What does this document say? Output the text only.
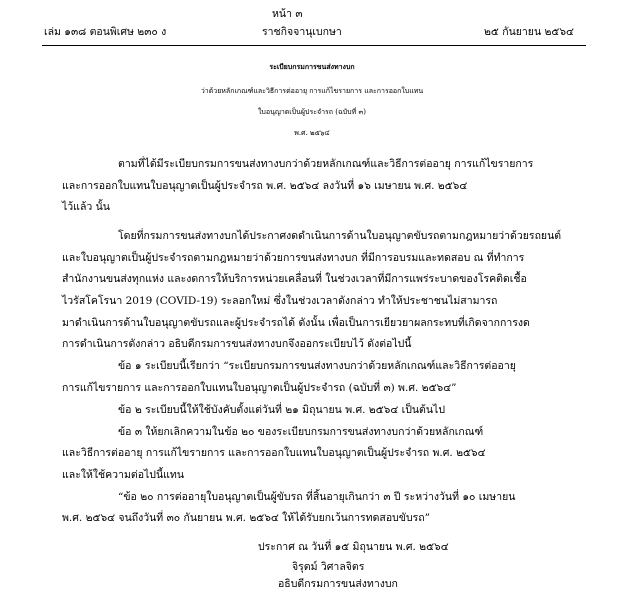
หน้า ๓
เล่ม ๑๓๘ ตอนพิเศษ ๒๓๐ ง	ราชกิจจานุเบกษา	๒๕ กันยายน ๒๕๖๔
ระเบียบกรมการขนส่งทางบก
ว่าด้วยหลักเกณฑ์และวิธีการต่ออายุ การแก้ไขรายการ และการออกใบแทน
ใบอนุญาตเป็นผู้ประจำรถ (ฉบับที่ ๓)
พ.ศ. ๒๕๖๔
ตามที่ได้มีระเบียบกรมการขนส่งทางบกว่าด้วยหลักเกณฑ์และวิธีการต่ออายุ การแก้ไขรายการ
และการออกใบแทนใบอนุญาตเป็นผู้ประจำรถ พ.ศ. ๒๕๖๔ ลงวันที่ ๑๖ เมษายน พ.ศ. ๒๕๖๔
ไว้แล้ว นั้น
โดยที่กรมการขนส่งทางบกได้ประกาศงดดำเนินการด้านใบอนุญาตขับรถตามกฎหมายว่าด้วยรถยนต์
และใบอนุญาตเป็นผู้ประจำรถตามกฎหมายว่าด้วยการขนส่งทางบก ที่มีการอบรมและทดสอบ ณ ที่ทำการ
สำนักงานขนส่งทุกแห่ง และงดการให้บริการหน่วยเคลื่อนที่ ในช่วงเวลาที่มีการแพร่ระบาดของโรคติดเชื้อ
ไวรัสโคโรนา 2019 (COVID-19) ระลอกใหม่ ซึ่งในช่วงเวลาดังกล่าว ทำให้ประชาชนไม่สามารถ
มาดำเนินการด้านใบอนุญาตขับรถและผู้ประจำรถได้ ดังนั้น เพื่อเป็นการเยียวยาผลกระทบที่เกิดจากการงด
การดำเนินการดังกล่าว อธิบดีกรมการขนส่งทางบกจึงออกระเบียบไว้ ดังต่อไปนี้
ข้อ ๑ ระเบียบนี้เรียกว่า “ระเบียบกรมการขนส่งทางบกว่าด้วยหลักเกณฑ์และวิธีการต่ออายุ
การแก้ไขรายการ และการออกใบแทนใบอนุญาตเป็นผู้ประจำรถ (ฉบับที่ ๓) พ.ศ. ๒๕๖๔”
ข้อ ๒ ระเบียบนี้ให้ใช้บังคับตั้งแต่วันที่ ๒๑ มิถุนายน พ.ศ. ๒๕๖๔ เป็นต้นไป
ข้อ ๓ ให้ยกเลิกความในข้อ ๒๐ ของระเบียบกรมการขนส่งทางบกว่าด้วยหลักเกณฑ์
และวิธีการต่ออายุ การแก้ไขรายการ และการออกใบแทนใบอนุญาตเป็นผู้ประจำรถ พ.ศ. ๒๕๖๔
และให้ใช้ความต่อไปนี้แทน
“ข้อ ๒๐ การต่ออายุใบอนุญาตเป็นผู้ขับรถ ที่สิ้นอายุเกินกว่า ๓ ปี ระหว่างวันที่ ๑๐ เมษายน
พ.ศ. ๒๕๖๔ จนถึงวันที่ ๓๐ กันยายน พ.ศ. ๒๕๖๔ ให้ได้รับยกเว้นการทดสอบขับรถ”
ประกาศ ณ วันที่ ๑๕ มิถุนายน พ.ศ. ๒๕๖๔
จิรุตม์ วิศาลจิตร
อธิบดีกรมการขนส่งทางบก
